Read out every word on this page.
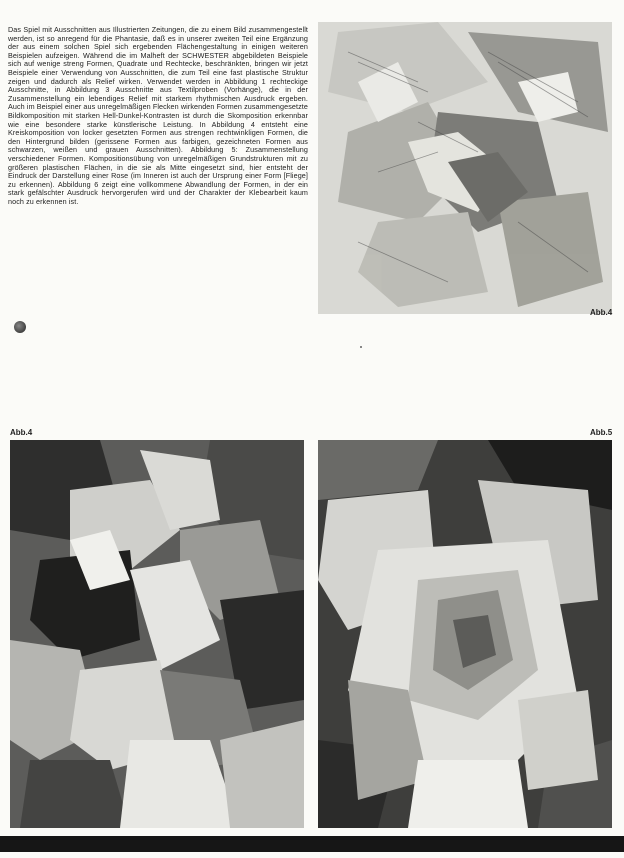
Das Spiel mit Ausschnitten aus Illustrierten Zeitungen, die zu einem Bild zusammengestellt werden, ist so anregend für die Phantasie, daß es in unserer zweiten Teil eine Ergänzung der aus einem solchen Spiel sich ergebenden Flächengestaltung in einigen weiteren Beispielen aufzeigen. Während die im Malheft der SCHWESTER abgebildeten Beispiele sich auf wenige streng Formen, Quadrate und Rechtecke, beschränkten, bringen wir jetzt Beispiele einer Verwendung von Ausschnitten, die zum Teil eine fast plastische Struktur zeigen und dadurch als Relief wirken. Verwendet werden in Abbildung 1 rechteckige Ausschnitte, in Abbildung 3 Ausschnitte aus Textilproben (Vorhänge), die in der Zusammenstellung ein lebendiges Relief mit starkem rhythmischen Ausdruck ergeben. Auch im Beispiel einer aus unregelmäßigen Flecken wirkenden Formen zusammengesetzte Bildkomposition mit starken Hell-Dunkel-Kontrasten ist durch die Skomposition erkennbar wie eine besondere starke künstlerische Leistung. In Abbildung 4 entsteht eine Kreiskomposition von locker gesetzten Formen aus strengen rechtwinkligen Formen, die den Hintergrund bilden (gerissene Formen aus farbigen, gezeichneten Formen aus schwarzen, weißen und grauen Ausschnitten). Abbildung 5: Zusammenstellung verschiedener Formen. Kompositionsübung von unregelmäßigen Grundstrukturen mit zu größeren plastischen Flächen, in die sie als Mitte eingesetzt sind, hier entsteht der Eindruck der Darstellung einer Rose (im Inneren ist auch der Ursprung einer Form [Fliege] zu erkennen). Abbildung 6 zeigt eine vollkommene Abwandlung der Formen, in der ein stark gefälschter Ausdruck hervorgerufen wird und der Charakter der Klebearbeit kaum noch zu erkennen ist.

Abb.4
Abb.4	Abb.5
